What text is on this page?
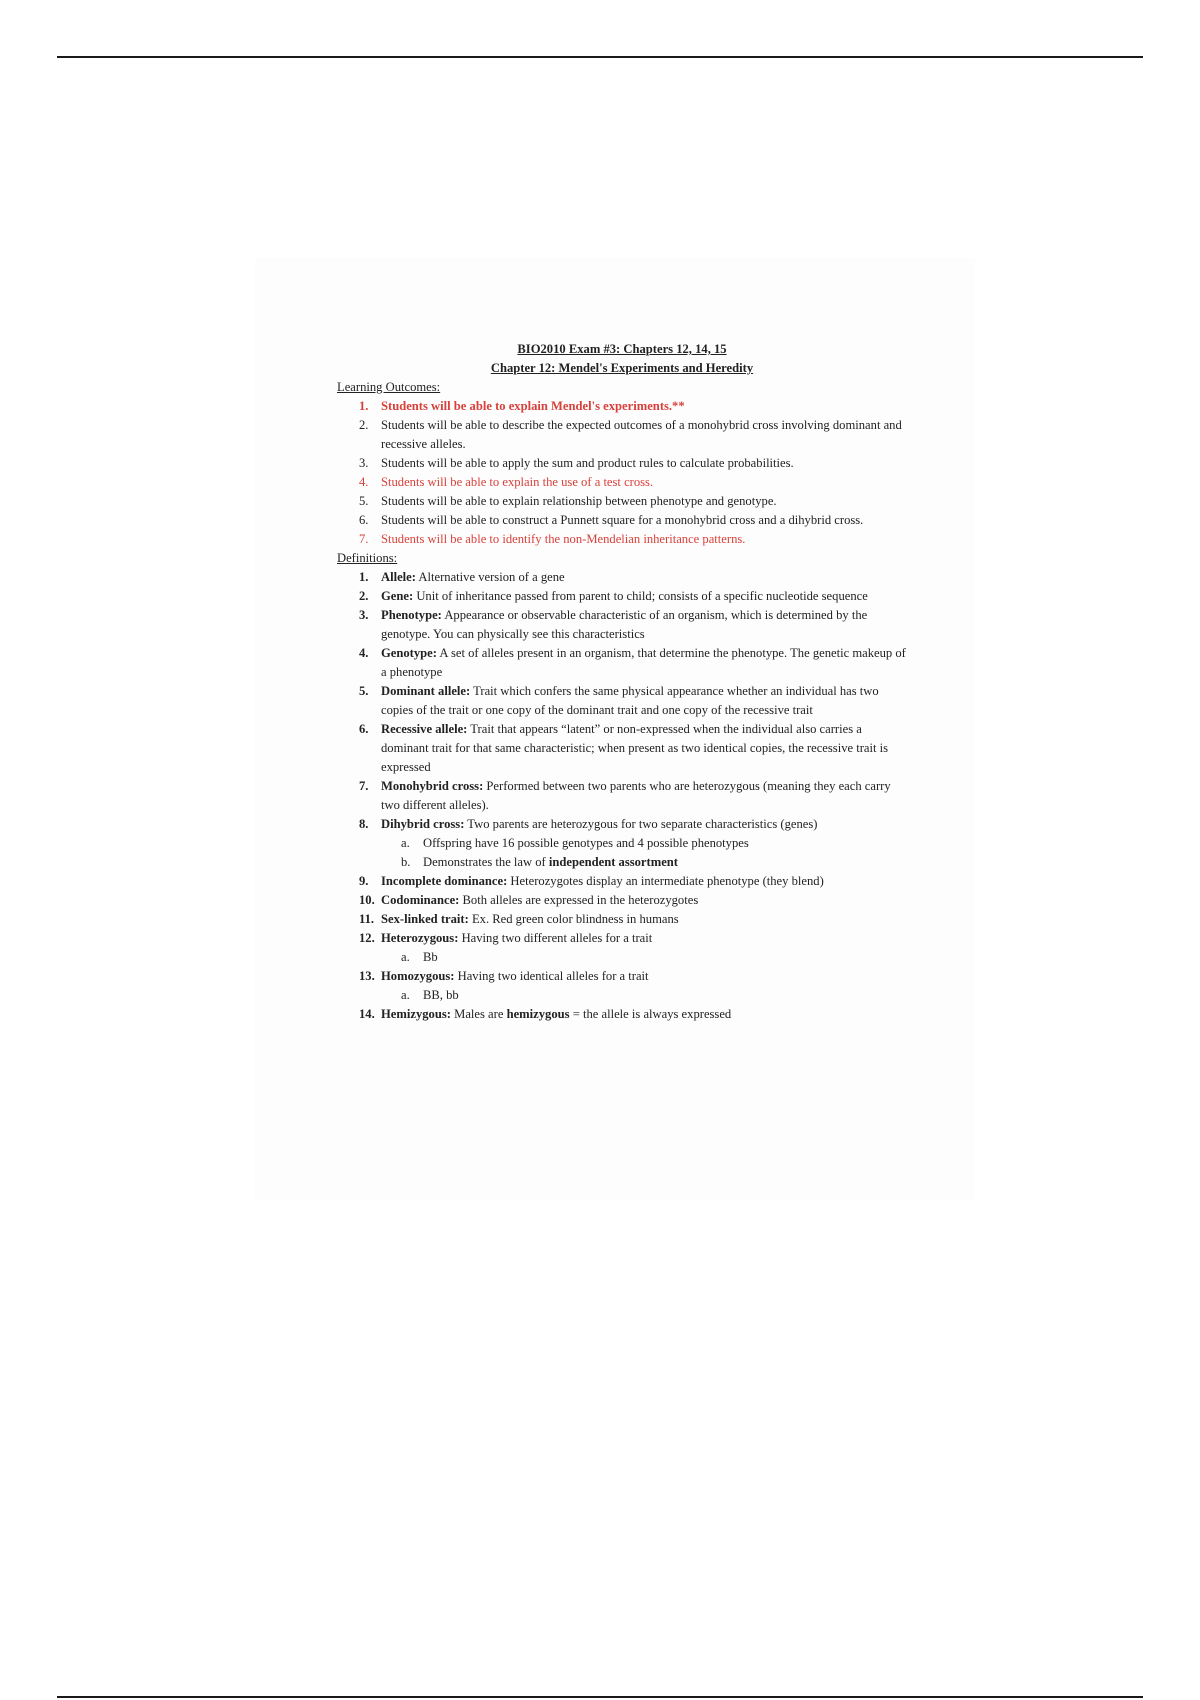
BIO2010 Exam #3: Chapters 12, 14, 15

Chapter 12: Mendel's Experiments and Heredity

Learning Outcomes:

1. Students will be able to explain Mendel's experiments.**
2. Students will be able to describe the expected outcomes of a monohybrid cross involving dominant and recessive alleles.
3. Students will be able to apply the sum and product rules to calculate probabilities.
4. Students will be able to explain the use of a test cross.
5. Students will be able to explain relationship between phenotype and genotype.
6. Students will be able to construct a Punnett square for a monohybrid cross and a dihybrid cross.
7. Students will be able to identify the non-Mendelian inheritance patterns.

Definitions:

1. Allele: Alternative version of a gene
2. Gene: Unit of inheritance passed from parent to child; consists of a specific nucleotide sequence
3. Phenotype: Appearance or observable characteristic of an organism, which is determined by the genotype. You can physically see this characteristics
4. Genotype: A set of alleles present in an organism, that determine the phenotype. The genetic makeup of a phenotype
5. Dominant allele: Trait which confers the same physical appearance whether an individual has two copies of the trait or one copy of the dominant trait and one copy of the recessive trait
6. Recessive allele: Trait that appears “latent” or non-expressed when the individual also carries a dominant trait for that same characteristic; when present as two identical copies, the recessive trait is expressed
7. Monohybrid cross: Performed between two parents who are heterozygous (meaning they each carry two different alleles).
8. Dihybrid cross: Two parents are heterozygous for two separate characteristics (genes)
a. Offspring have 16 possible genotypes and 4 possible phenotypes
b. Demonstrates the law of independent assortment
9. Incomplete dominance: Heterozygotes display an intermediate phenotype (they blend)
10. Codominance: Both alleles are expressed in the heterozygotes
11. Sex-linked trait: Ex. Red green color blindness in humans
12. Heterozygous: Having two different alleles for a trait
a. Bb
13. Homozygous: Having two identical alleles for a trait
a. BB, bb
14. Hemizygous: Males are hemizygous = the allele is always expressed
